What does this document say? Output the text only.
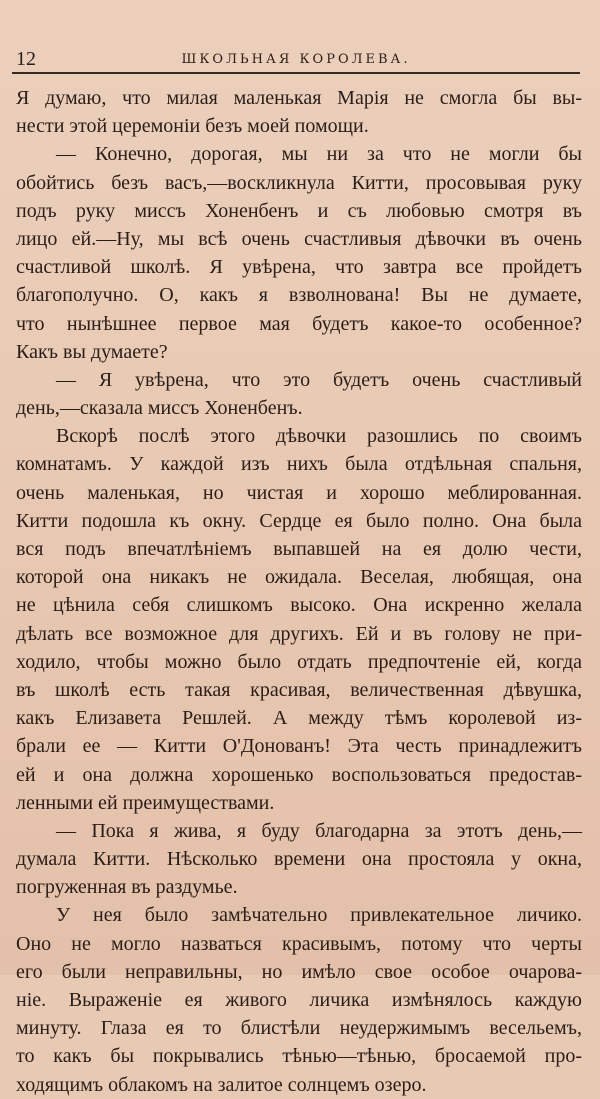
12	ШКОЛЬНАЯ КОРОЛЕВА.
Я думаю, что милая маленькая Марія не смогла бы вы-
нести этой церемоніи безъ моей помощи.
— Конечно, дорогая, мы ни за что не могли бы
обойтись безъ васъ,—воскликнула Китти, просовывая руку
подъ руку миссъ Хоненбенъ и съ любовью смотря въ
лицо ей.—Ну, мы всѣ очень счастливыя дѣвочки въ очень
счастливой школѣ. Я увѣрена, что завтра все пройдетъ
благополучно. О, какъ я взволнована! Вы не думаете,
что нынѣшнее первое мая будетъ какое-то особенное?
Какъ вы думаете?
— Я увѣрена, что это будетъ очень счастливый
день,—сказала миссъ Хоненбенъ.
Вскорѣ послѣ этого дѣвочки разошлись по своимъ
комнатамъ. У каждой изъ нихъ была отдѣльная спальня,
очень маленькая, но чистая и хорошо меблированная.
Китти подошла къ окну. Сердце ея было полно. Она была
вся подъ впечатлѣніемъ выпавшей на ея долю чести,
которой она никакъ не ожидала. Веселая, любящая, она
не цѣнила себя слишкомъ высоко. Она искренно желала
дѣлать все возможное для другихъ. Ей и въ голову не при-
ходило, чтобы можно было отдать предпочтеніе ей, когда
въ школѣ есть такая красивая, величественная дѣвушка,
какъ Елизавета Решлей. А между тѣмъ королевой из-
брали ее — Китти О'Донованъ! Эта честь принадлежитъ
ей и она должна хорошенько воспользоваться предостав-
ленными ей преимуществами.
— Пока я жива, я буду благодарна за этотъ день,—
думала Китти. Нѣсколько времени она простояла у окна,
погруженная въ раздумье.
У нея было замѣчательно привлекательное личико.
Оно не могло назваться красивымъ, потому что черты
его были неправильны, но имѣло свое особое очарова-
ніе. Выраженіе ея живого личика измѣнялось каждую
минуту. Глаза ея то блистѣли неудержимымъ весельемъ,
то какъ бы покрывались тѣнью—тѣнью, бросаемой про-
ходящимъ облакомъ на залитое солнцемъ озеро.
